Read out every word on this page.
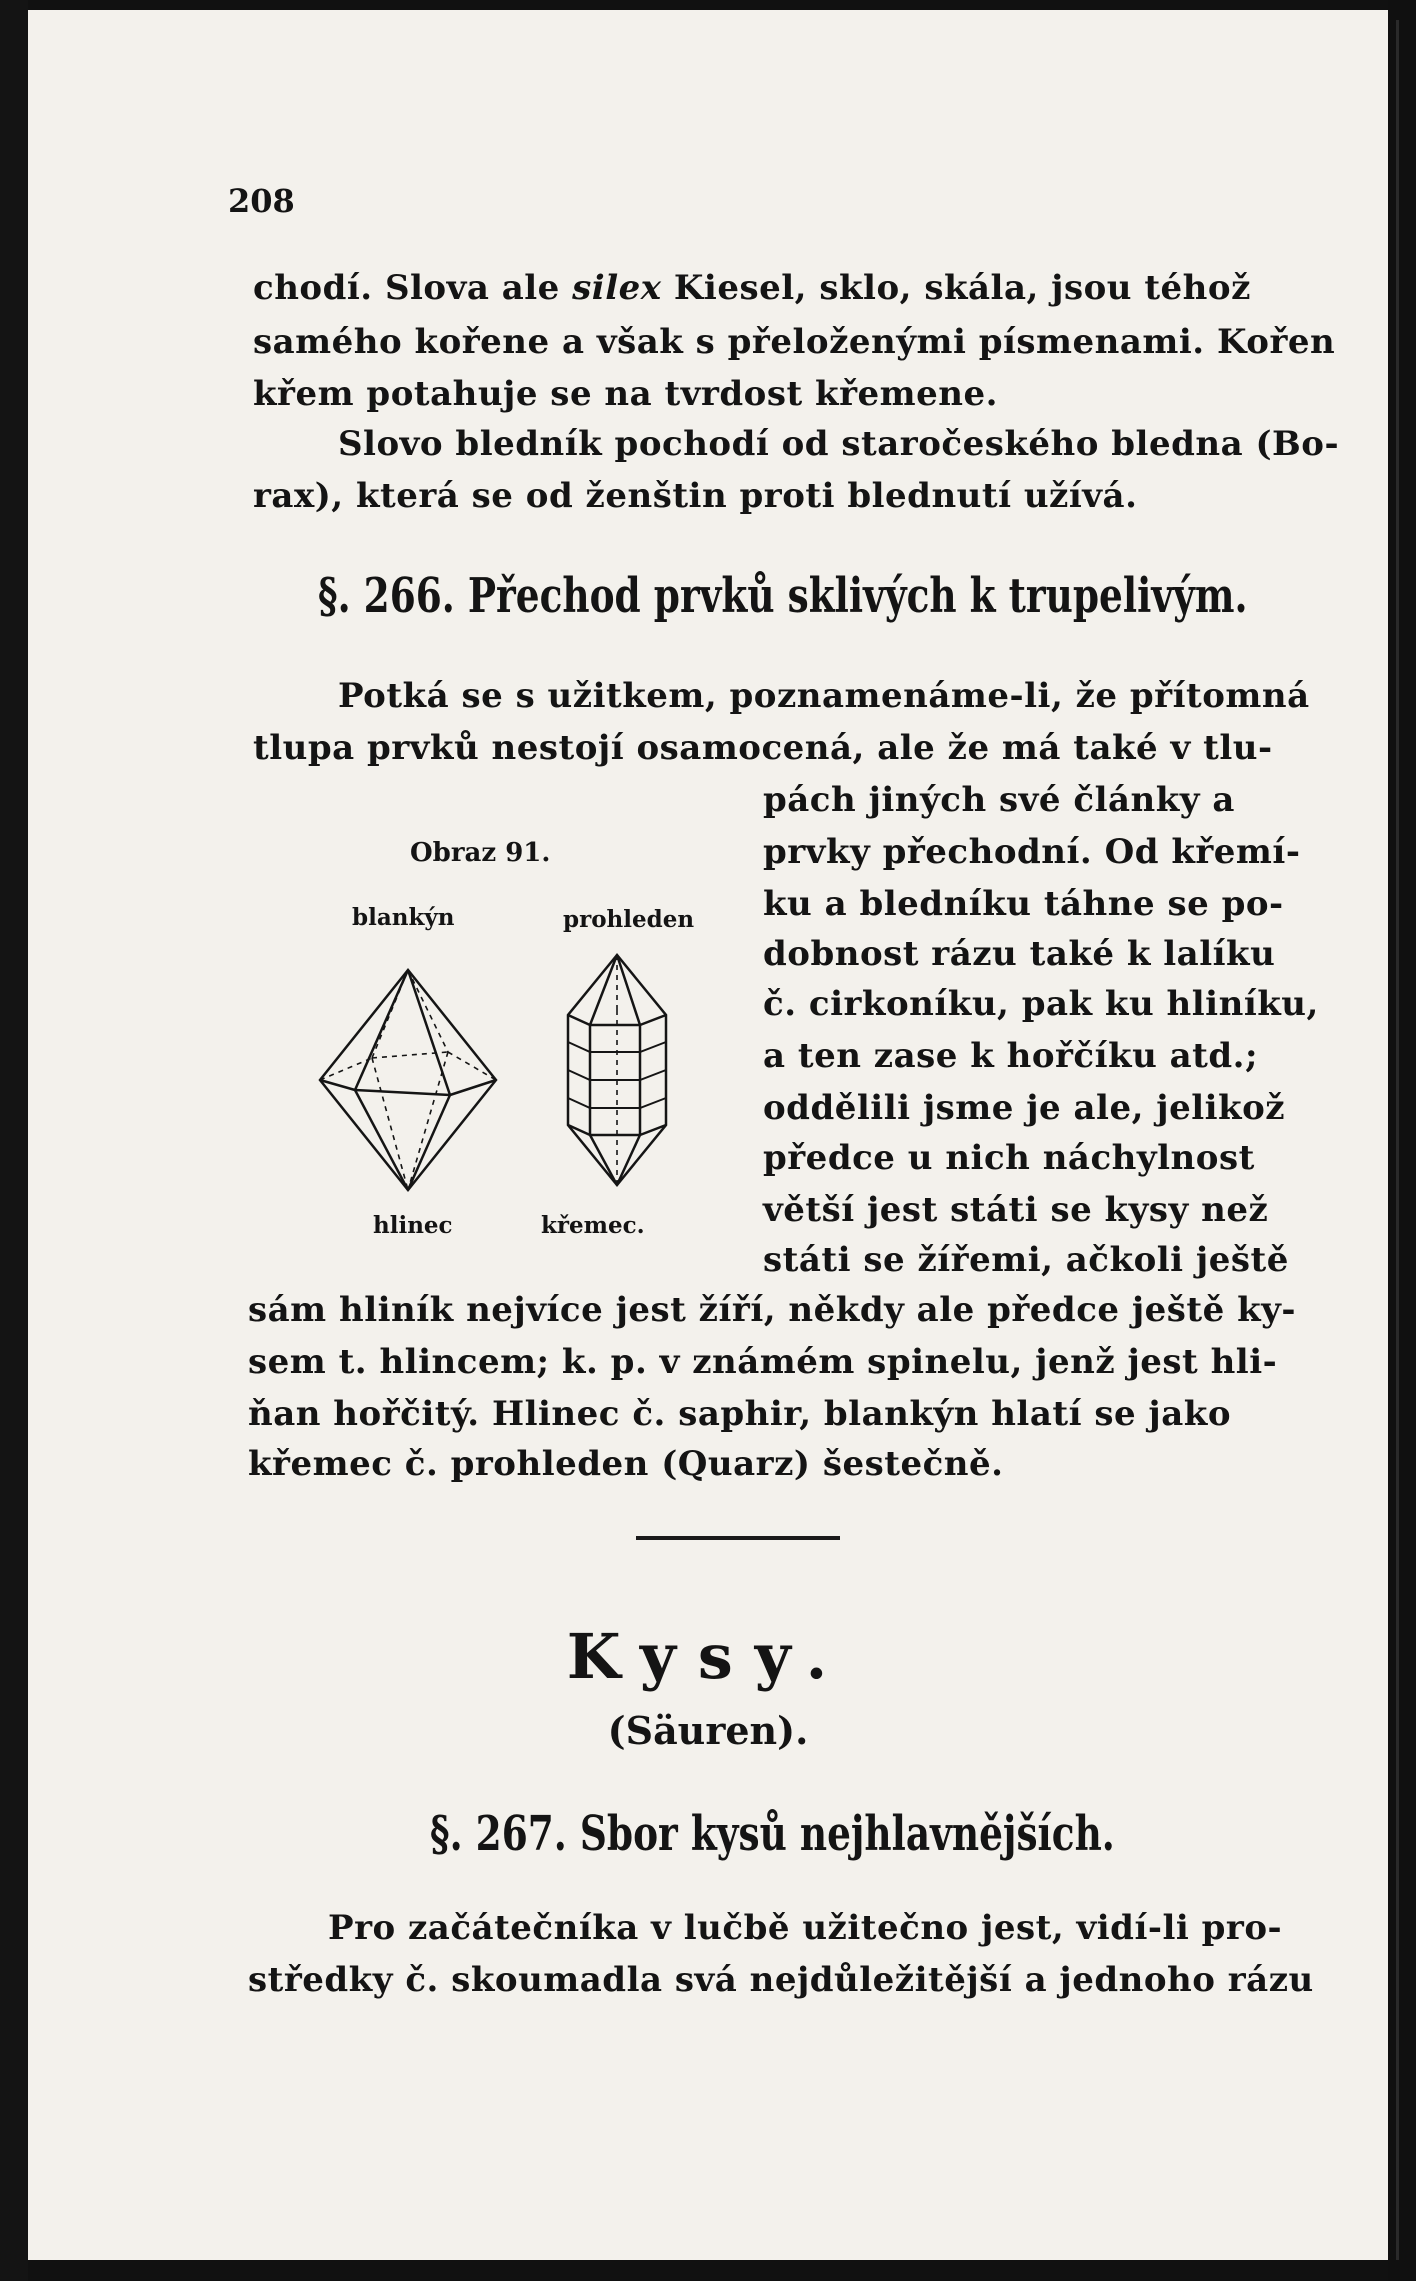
208
chodí. Slova ale silex Kiesel, sklo, skála, jsou téhož
samého kořene a však s přeloženými písmenami. Kořen
křem potahuje se na tvrdost křemene.
Slovo bledník pochodí od staročeského bledna (Bo-
rax), která se od ženštin proti blednutí užívá.
§. 266. Přechod prvků sklivých k trupelivým.
Potká se s užitkem, poznamenáme-li, že přítomná
tlupa prvků nestojí osamocená, ale že má také v tlu-
pách jiných své články a
prvky přechodní. Od křemí-
ku a bledníku táhne se po-
dobnost rázu také k lalíku
č. cirkoníku, pak ku hliníku,
a ten zase k hořčíku atd.;
oddělili jsme je ale, jelikož
předce u nich náchylnost
větší jest státi se kysy než
státi se žířemi, ačkoli ještě
sám hliník nejvíce jest žíří, někdy ale předce ještě ky-
sem t. hlincem; k. p. v známém spinelu, jenž jest hli-
ňan hořčitý. Hlinec č. saphir, blankýn hlatí se jako
křemec č. prohleden (Quarz) šestečně.
Obraz 91.
blankýn	prohleden
hlinec	křemec.
Kysy.
(Säuren).
§. 267. Sbor kysů nejhlavnějších.
Pro začátečníka v lučbě užitečno jest, vidí-li pro-
středky č. skoumadla svá nejdůležitější a jednoho rázu
